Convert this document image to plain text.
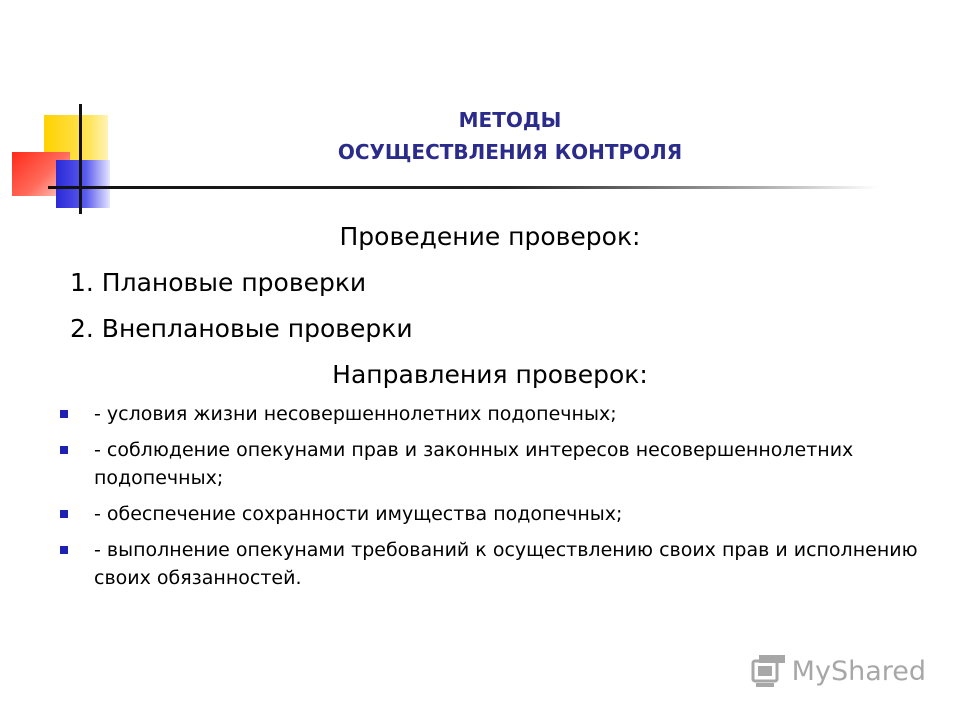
МЕТОДЫ
ОСУЩЕСТВЛЕНИЯ КОНТРОЛЯ
Проведение проверок:
1. Плановые проверки
2. Внеплановые проверки
Направления проверок:
- условия жизни несовершеннолетних подопечных;
- соблюдение опекунами прав и законных интересов несовершеннолетних подопечных;
- обеспечение сохранности имущества подопечных;
- выполнение опекунами требований к осуществлению своих прав и исполнению своих обязанностей.
MyShared
